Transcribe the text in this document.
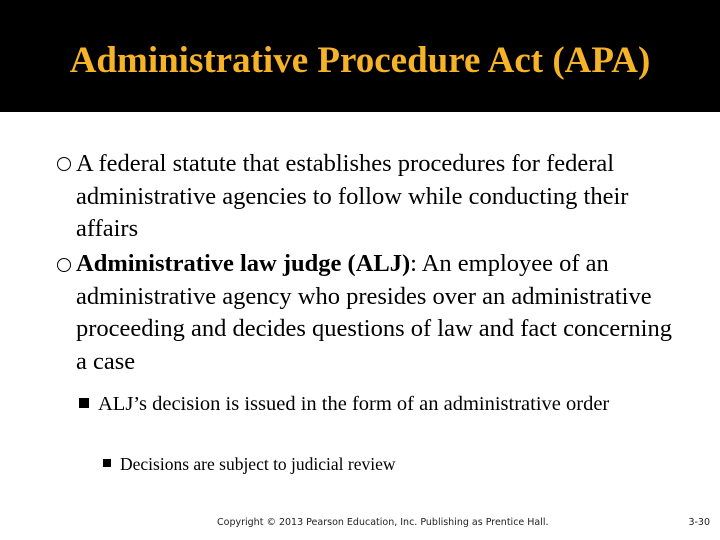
Administrative Procedure Act (APA)
A federal statute that establishes procedures for federal administrative agencies to follow while conducting their affairs
Administrative law judge (ALJ): An employee of an administrative agency who presides over an administrative proceeding and decides questions of law and fact concerning a case
ALJ’s decision is issued in the form of an administrative order
Decisions are subject to judicial review
Copyright © 2013 Pearson Education, Inc. Publishing as Prentice Hall.	3-30
